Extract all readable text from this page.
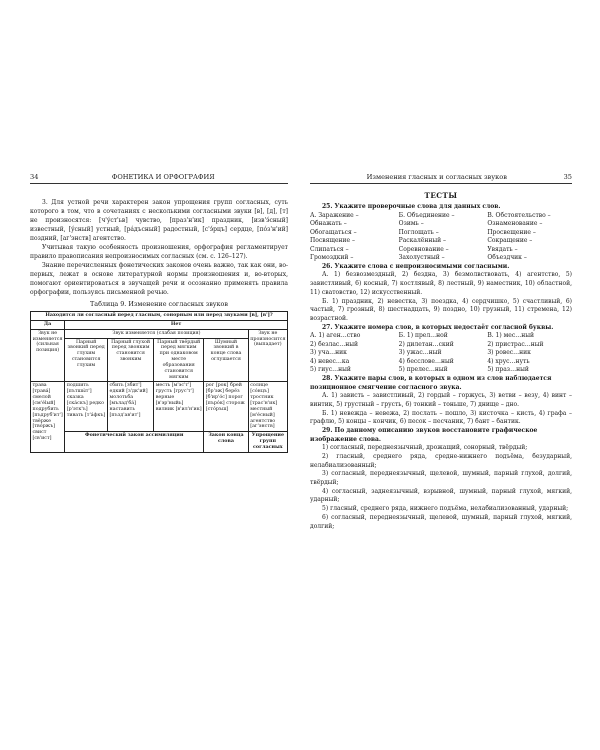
34	ФОНЕТИКА И ОРФОГРАФИЯ

3. Для устной речи характерен закон упрощения групп согласных, суть которого в том, что в сочетаниях с несколькими согласными звуки [в], [д], [т] не произносятся: [ч'ýст'ьв] чувство, [праз'н'ик] праздник, [изв'э́сный] известный, [ýсный] устный, [рáдъсный] радостный, [с'э́рцъ] сердце, [пóз'н'ий] поздний, [аг'энств] агентство.

Учитывая такую особенность произношения, орфография регламентирует правило правописания непроизносимых согласных (см. с. 126–127).

Знание перечисленных фонетических законов очень важно, так как они, во-первых, лежат в основе литературной нормы произношения и, во-вторых, помогают ориентироваться в звучащей речи и осознанно применять правила орфографии, пользуясь письменной речью.

Таблица 9. Изменение согласных звуков
Находится ли согласный перед гласным, сонорным или перед звуками [в], [в']?					
Да	Нет				
Звук не изменяется (сильная позиция)	Звук изменяется (слабая позиция)				Звук не произносится (выпадает)
	Парный звонкий перед глухим становится глухим	Парный глухой перед звонким становится звонким	Парный твёрдый перед мягким при однаковом месте образования становится мягким	Шумный звонкий в конце слова оглушается	
трава [травá] смелой [см'élый] подрубить [пъдруб'ит'] твёрже [твóржъ] свист [св'ист]	подшить [пътшы́т'] сказка [скáскъ] редко [р'этк'ъ] тивать [т'áфкъ]	сбить [збит'] едкий [з'дк'ий] молотьба [мълад'бá] наставить [пъзд'ав'ит']	месть [м'эс'т'] грусть [грус'т'] верные [в'эр'ныйь] вилник [в'ил'н'ик]	рог [рок] брей [бр'эж] берёз [б'ир'óс] порог [пърóк] сторож [стóръш]	солнце [сóнцъ] тростник [трас'н'ик] местный [м'éсный] агентство [аг'энств]
	Фонетический закон ассимиляции			Закон конца слова	Упрощение групп согласных
Изменения гласных и согласных звуков	35
ТЕСТЫ

25. Укажите проверочные слова для данных слов.

А. Заражение –	Б. Объединение –	В. Обстоятельство –
Обнажать –	Озимь –	Ознаменование –
Обогащаться –	Поглощать –	Просвещение –
Посвящение –	Раскалённый –	Сокращение –
Слипаться –	Соревнование –	Увядать –
Громоздкий –	Захолустный –	Объездчик –

26. Укажите слова с непроизносимыми согласными.

А. 1) безвозмездный, 2) бездна, 3) безмолвствовать, 4) агентство, 5) завистливый, 6) косный, 7) костлявый, 8) лестный, 9) наместник, 10) областной, 11) сватовство, 12) искусственный.

Б. 1) праздник, 2) невестка, 3) поездка, 4) сердчишко, 5) счастливый, 6) частый, 7) грозный, 8) шестнадцать, 9) поздно, 10) грузный, 11) стремена, 12) возрастной.

27. Укажите номера слов, в которых недостаёт согласной буквы.

А. 1) аген…ство	Б. 1) прел…ной	В. 1) мес…ный
2) безлас…ный	2) дилетан…ский	2) пристрас…ный
3) уча…ник	3) ужас…ный	3) ровес…ник
4) невес…ка	4) бесслове…ный	4) хрус…нуть
5) гиус…ный	5) прелес…ный	5) праз…ный

28. Укажите пары слов, в которых в одном из слов наблюдается позиционное смягчение согласного звука.

А. 1) зависть – завистливый, 2) гордый – горжусь, 3) ветви – везу, 4) винт – винтик, 5) грустный – грусть, 6) тонкий – тоньше, 7) днище – дно.

Б. 1) невежда – невежа, 2) послать – пошло, 3) кисточка – кисть, 4) графа – графлю, 5) концы – кончик, 6) песок – песчаник, 7) бант – бантик.

29. По данному описанию звуков восстановите графическое изображение слова.

1) согласный, переднеязычный, дрожащий, сонорный, твёрдый;

2) гласный, среднего ряда, средне-нижнего подъёма, безударный, нелабиализованный;

3) согласный, переднеязычный, щелевой, шумный, парный глухой, долгий, твёрдый;

4) согласный, заднеязычный, взрывной, шумный, парный глухой, мягкий, ударный;

5) гласный, среднего ряда, нижнего подъёма, нелабиализованный, ударный;

6) согласный, переднеязычный, щелевой, шумный, парный глухой, мягкий, долгий;
